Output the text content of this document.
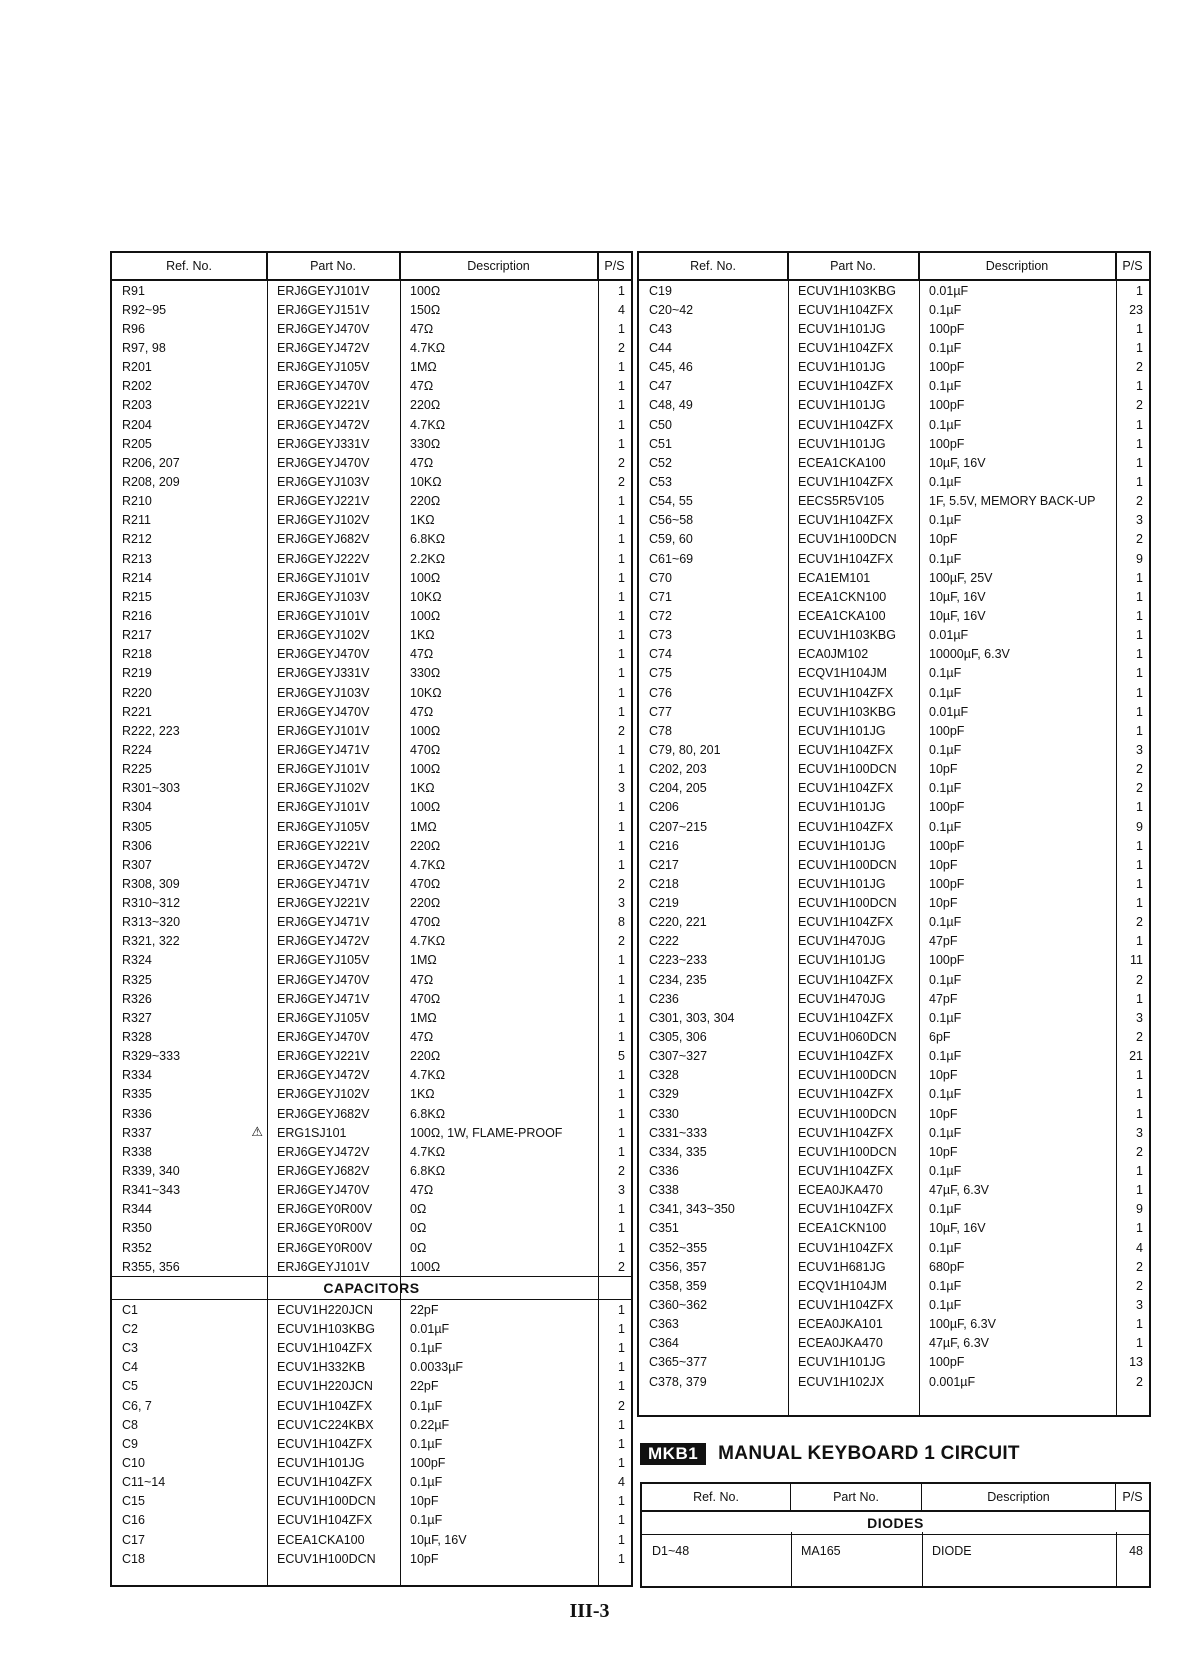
Ref. No.	Part No.	Description	P/S
R91	ERJ6GEYJ101V	100Ω	1
R92~95	ERJ6GEYJ151V	150Ω	4
R96	ERJ6GEYJ470V	47Ω	1
R97, 98	ERJ6GEYJ472V	4.7KΩ	2
R201	ERJ6GEYJ105V	1MΩ	1
R202	ERJ6GEYJ470V	47Ω	1
R203	ERJ6GEYJ221V	220Ω	1
R204	ERJ6GEYJ472V	4.7KΩ	1
R205	ERJ6GEYJ331V	330Ω	1
R206, 207	ERJ6GEYJ470V	47Ω	2
R208, 209	ERJ6GEYJ103V	10KΩ	2
R210	ERJ6GEYJ221V	220Ω	1
R211	ERJ6GEYJ102V	1KΩ	1
R212	ERJ6GEYJ682V	6.8KΩ	1
R213	ERJ6GEYJ222V	2.2KΩ	1
R214	ERJ6GEYJ101V	100Ω	1
R215	ERJ6GEYJ103V	10KΩ	1
R216	ERJ6GEYJ101V	100Ω	1
R217	ERJ6GEYJ102V	1KΩ	1
R218	ERJ6GEYJ470V	47Ω	1
R219	ERJ6GEYJ331V	330Ω	1
R220	ERJ6GEYJ103V	10KΩ	1
R221	ERJ6GEYJ470V	47Ω	1
R222, 223	ERJ6GEYJ101V	100Ω	2
R224	ERJ6GEYJ471V	470Ω	1
R225	ERJ6GEYJ101V	100Ω	1
R301~303	ERJ6GEYJ102V	1KΩ	3
R304	ERJ6GEYJ101V	100Ω	1
R305	ERJ6GEYJ105V	1MΩ	1
R306	ERJ6GEYJ221V	220Ω	1
R307	ERJ6GEYJ472V	4.7KΩ	1
R308, 309	ERJ6GEYJ471V	470Ω	2
R310~312	ERJ6GEYJ221V	220Ω	3
R313~320	ERJ6GEYJ471V	470Ω	8
R321, 322	ERJ6GEYJ472V	4.7KΩ	2
R324	ERJ6GEYJ105V	1MΩ	1
R325	ERJ6GEYJ470V	47Ω	1
R326	ERJ6GEYJ471V	470Ω	1
R327	ERJ6GEYJ105V	1MΩ	1
R328	ERJ6GEYJ470V	47Ω	1
R329~333	ERJ6GEYJ221V	220Ω	5
R334	ERJ6GEYJ472V	4.7KΩ	1
R335	ERJ6GEYJ102V	1KΩ	1
R336	ERJ6GEYJ682V	6.8KΩ	1
R337	⚠ ERG1SJ101	100Ω, 1W, FLAME-PROOF	1
R338	ERJ6GEYJ472V	4.7KΩ	1
R339, 340	ERJ6GEYJ682V	6.8KΩ	2
R341~343	ERJ6GEYJ470V	47Ω	3
R344	ERJ6GEY0R00V	0Ω	1
R350	ERJ6GEY0R00V	0Ω	1
R352	ERJ6GEY0R00V	0Ω	1
R355, 356	ERJ6GEYJ101V	100Ω	2
CAPACITORS
C1	ECUV1H220JCN	22pF	1
C2	ECUV1H103KBG	0.01µF	1
C3	ECUV1H104ZFX	0.1µF	1
C4	ECUV1H332KB	0.0033µF	1
C5	ECUV1H220JCN	22pF	1
C6, 7	ECUV1H104ZFX	0.1µF	2
C8	ECUV1C224KBX	0.22µF	1
C9	ECUV1H104ZFX	0.1µF	1
C10	ECUV1H101JG	100pF	1
C11~14	ECUV1H104ZFX	0.1µF	4
C15	ECUV1H100DCN	10pF	1
C16	ECUV1H104ZFX	0.1µF	1
C17	ECEA1CKA100	10µF, 16V	1
C18	ECUV1H100DCN	10pF	1
Ref. No.	Part No.	Description	P/S
C19	ECUV1H103KBG	0.01µF	1
C20~42	ECUV1H104ZFX	0.1µF	23
C43	ECUV1H101JG	100pF	1
C44	ECUV1H104ZFX	0.1µF	1
C45, 46	ECUV1H101JG	100pF	2
C47	ECUV1H104ZFX	0.1µF	1
C48, 49	ECUV1H101JG	100pF	2
C50	ECUV1H104ZFX	0.1µF	1
C51	ECUV1H101JG	100pF	1
C52	ECEA1CKA100	10µF, 16V	1
C53	ECUV1H104ZFX	0.1µF	1
C54, 55	EECS5R5V105	1F, 5.5V, MEMORY BACK-UP	2
C56~58	ECUV1H104ZFX	0.1µF	3
C59, 60	ECUV1H100DCN	10pF	2
C61~69	ECUV1H104ZFX	0.1µF	9
C70	ECA1EM101	100µF, 25V	1
C71	ECEA1CKN100	10µF, 16V	1
C72	ECEA1CKA100	10µF, 16V	1
C73	ECUV1H103KBG	0.01µF	1
C74	ECA0JM102	10000µF, 6.3V	1
C75	ECQV1H104JM	0.1µF	1
C76	ECUV1H104ZFX	0.1µF	1
C77	ECUV1H103KBG	0.01µF	1
C78	ECUV1H101JG	100pF	1
C79, 80, 201	ECUV1H104ZFX	0.1µF	3
C202, 203	ECUV1H100DCN	10pF	2
C204, 205	ECUV1H104ZFX	0.1µF	2
C206	ECUV1H101JG	100pF	1
C207~215	ECUV1H104ZFX	0.1µF	9
C216	ECUV1H101JG	100pF	1
C217	ECUV1H100DCN	10pF	1
C218	ECUV1H101JG	100pF	1
C219	ECUV1H100DCN	10pF	1
C220, 221	ECUV1H104ZFX	0.1µF	2
C222	ECUV1H470JG	47pF	1
C223~233	ECUV1H101JG	100pF	11
C234, 235	ECUV1H104ZFX	0.1µF	2
C236	ECUV1H470JG	47pF	1
C301, 303, 304	ECUV1H104ZFX	0.1µF	3
C305, 306	ECUV1H060DCN	6pF	2
C307~327	ECUV1H104ZFX	0.1µF	21
C328	ECUV1H100DCN	10pF	1
C329	ECUV1H104ZFX	0.1µF	1
C330	ECUV1H100DCN	10pF	1
C331~333	ECUV1H104ZFX	0.1µF	3
C334, 335	ECUV1H100DCN	10pF	2
C336	ECUV1H104ZFX	0.1µF	1
C338	ECEA0JKA470	47µF, 6.3V	1
C341, 343~350	ECUV1H104ZFX	0.1µF	9
C351	ECEA1CKN100	10µF, 16V	1
C352~355	ECUV1H104ZFX	0.1µF	4
C356, 357	ECUV1H681JG	680pF	2
C358, 359	ECQV1H104JM	0.1µF	2
C360~362	ECUV1H104ZFX	0.1µF	3
C363	ECEA0JKA101	100µF, 6.3V	1
C364	ECEA0JKA470	47µF, 6.3V	1
C365~377	ECUV1H101JG	100pF	13
C378, 379	ECUV1H102JX	0.001µF	2
MKB1	MANUAL KEYBOARD 1 CIRCUIT
Ref. No.	Part No.	Description	P/S
DIODES
D1~48	MA165	DIODE	48
III-3
